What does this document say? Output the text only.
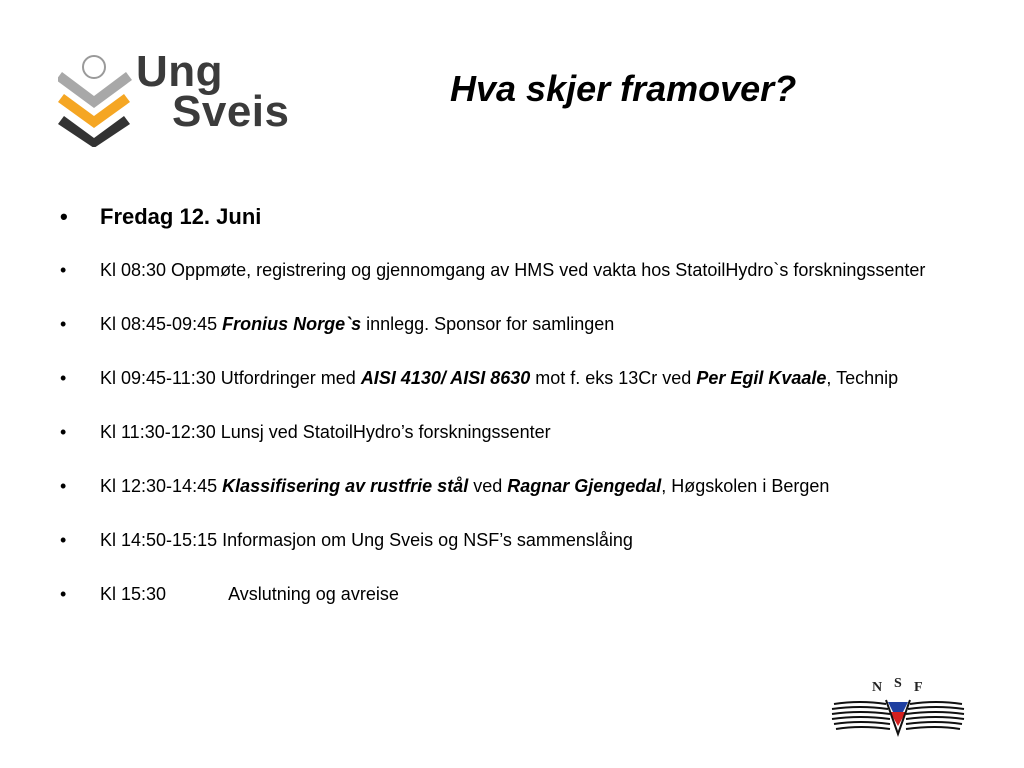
Ung
Sveis	Hva skjer framover?
•	Fredag 12. Juni
•	Kl 08:30 Oppmøte, registrering og gjennomgang av HMS ved vakta hos StatoilHydro`s forskningssenter
•	Kl 08:45-09:45 Fronius Norge`s innlegg. Sponsor for samlingen
•	Kl 09:45-11:30 Utfordringer med AISI 4130/ AISI 8630 mot f. eks 13Cr ved Per Egil Kvaale, Technip
•	Kl 11:30-12:30 Lunsj ved StatoilHydro’s forskningssenter
•	Kl 12:30-14:45 Klassifisering av rustfrie stål ved Ragnar Gjengedal, Høgskolen i Bergen
•	Kl 14:50-15:15 Informasjon om Ung Sveis og NSF’s sammenslåing
•	Kl 15:30	Avslutning og avreise
N S F
